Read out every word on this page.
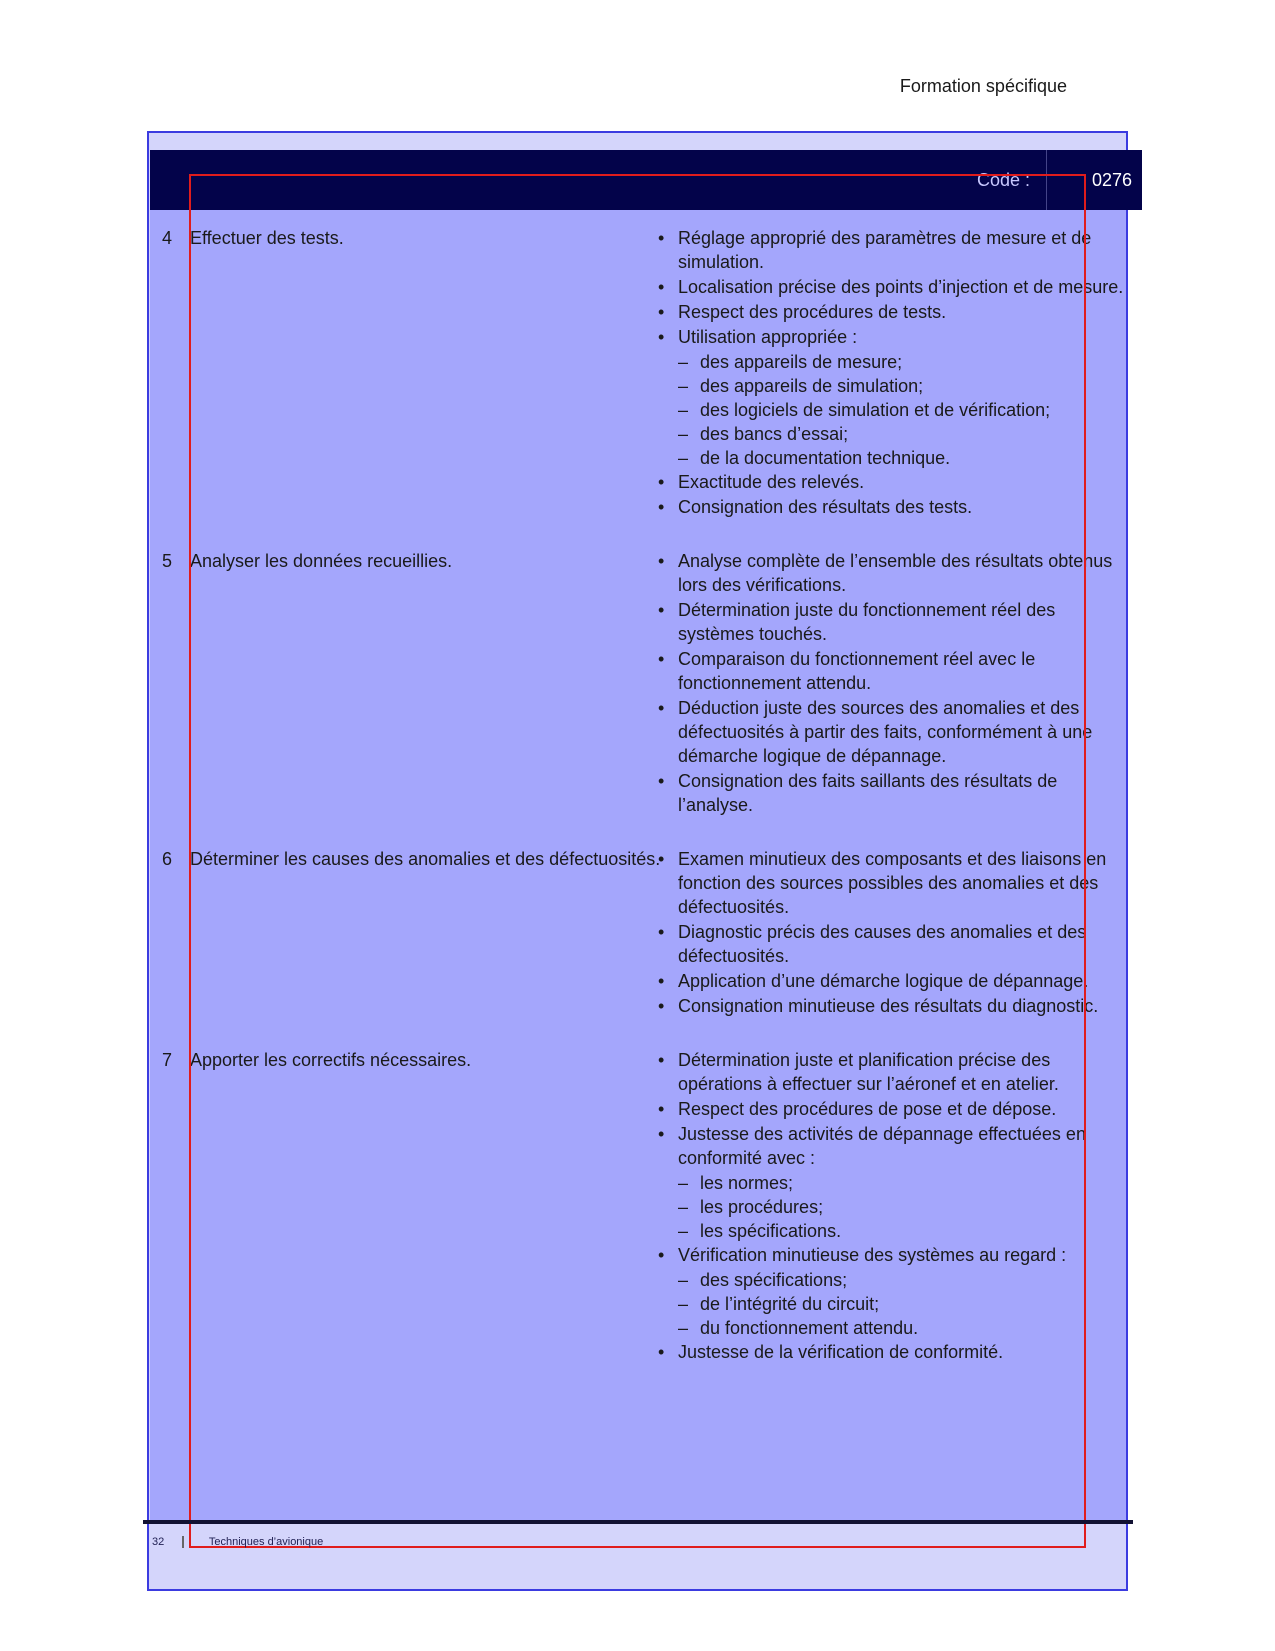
Formation spécifique
Code :	0276
4 Effectuer des tests.	• Réglage approprié des paramètres de mesure et de simulation.
• Localisation précise des points d’injection et de mesure.
• Respect des procédures de tests.
• Utilisation appropriée :
– des appareils de mesure;
– des appareils de simulation;
– des logiciels de simulation et de vérification;
– des bancs d’essai;
– de la documentation technique.
• Exactitude des relevés.
• Consignation des résultats des tests.
5 Analyser les données recueillies.	• Analyse complète de l’ensemble des résultats obtenus lors des vérifications.
• Détermination juste du fonctionnement réel des systèmes touchés.
• Comparaison du fonctionnement réel avec le fonctionnement attendu.
• Déduction juste des sources des anomalies et des défectuosités à partir des faits, conformément à une démarche logique de dépannage.
• Consignation des faits saillants des résultats de l’analyse.
6 Déterminer les causes des anomalies et des défectuosités. • Examen minutieux des composants et des liaisons en fonction des sources possibles des anomalies et des défectuosités.
• Diagnostic précis des causes des anomalies et des défectuosités.
• Application d’une démarche logique de dépannage.
• Consignation minutieuse des résultats du diagnostic.
7 Apporter les correctifs nécessaires.	• Détermination juste et planification précise des opérations à effectuer sur l’aéronef et en atelier.
• Respect des procédures de pose et de dépose.
• Justesse des activités de dépannage effectuées en conformité avec :
– les normes;
– les procédures;
– les spécifications.
• Vérification minutieuse des systèmes au regard :
– des spécifications;
– de l’intégrité du circuit;
– du fonctionnement attendu.
• Justesse de la vérification de conformité.
32	Techniques d’avionique
